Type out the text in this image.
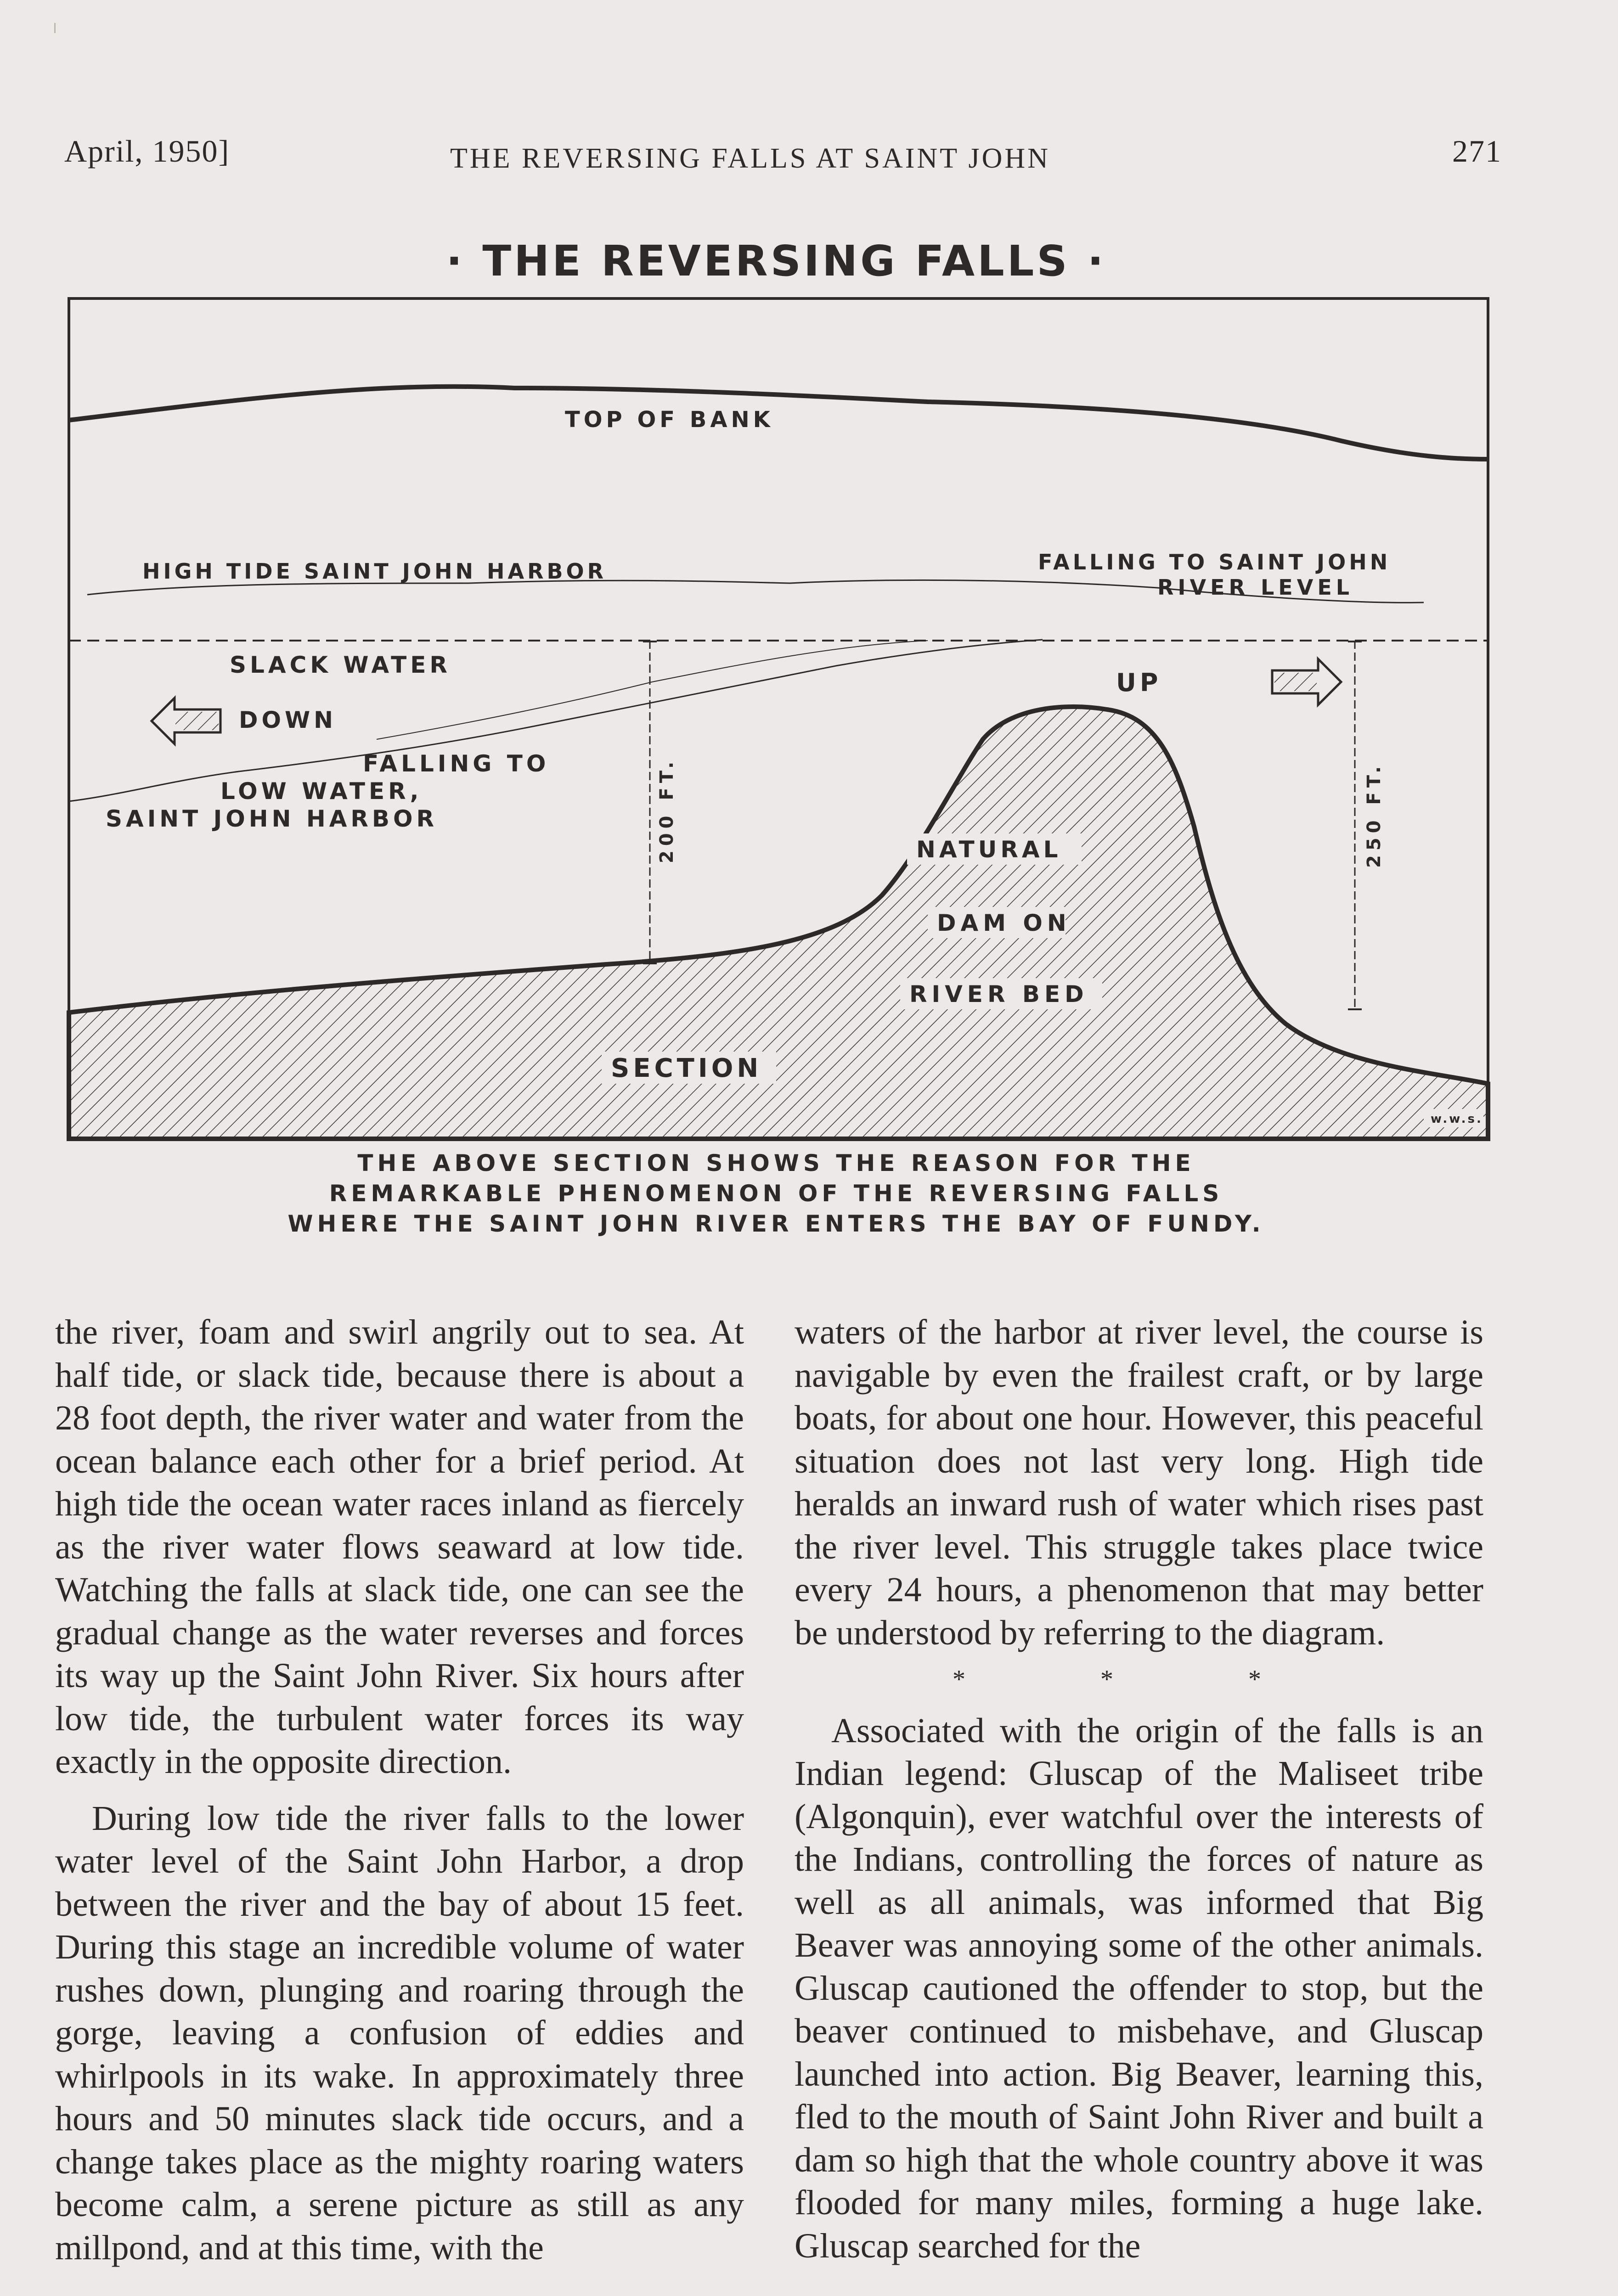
April, 1950]	THE REVERSING FALLS AT SAINT JOHN	271
· THE REVERSING FALLS ·
TOP OF BANK
HIGH TIDE SAINT JOHN HARBOR	FALLING TO SAINT JOHN
RIVER LEVEL
SLACK WATER
DOWN
UP
FALLING TO
LOW WATER,
SAINT JOHN HARBOR
NATURAL
DAM ON
RIVER BED
SECTION
w.w.s.
200 FT.	250 FT.
THE ABOVE SECTION SHOWS THE REASON FOR THE
REMARKABLE PHENOMENON OF THE REVERSING FALLS
WHERE THE SAINT JOHN RIVER ENTERS THE BAY OF FUNDY.

the river, foam and swirl angrily out to sea. At half tide, or slack tide, because there is about a 28 foot depth, the river water and water from the ocean balance each other for a brief period. At high tide the ocean water races inland as fiercely as the river water flows seaward at low tide. Watching the falls at slack tide, one can see the gradual change as the water reverses and forces its way up the Saint John River. Six hours after low tide, the turbulent water forces its way exactly in the opposite direction.

During low tide the river falls to the lower water level of the Saint John Harbor, a drop between the river and the bay of about 15 feet. During this stage an incredible volume of water rushes down, plunging and roaring through the gorge, leaving a confusion of eddies and whirlpools in its wake. In approximately three hours and 50 minutes slack tide occurs, and a change takes place as the mighty roaring waters become calm, a serene picture as still as any millpond, and at this time, with the

waters of the harbor at river level, the course is navigable by even the frailest craft, or by large boats, for about one hour. However, this peaceful situation does not last very long. High tide heralds an inward rush of water which rises past the river level. This struggle takes place twice every 24 hours, a phenomenon that may better be understood by referring to the diagram.

* * *

Associated with the origin of the falls is an Indian legend: Gluscap of the Maliseet tribe (Algonquin), ever watchful over the interests of the Indians, controlling the forces of nature as well as all animals, was informed that Big Beaver was annoying some of the other animals. Gluscap cautioned the offender to stop, but the beaver continued to misbehave, and Gluscap launched into action. Big Beaver, learning this, fled to the mouth of Saint John River and built a dam so high that the whole country above it was flooded for many miles, forming a huge lake. Gluscap searched for the
